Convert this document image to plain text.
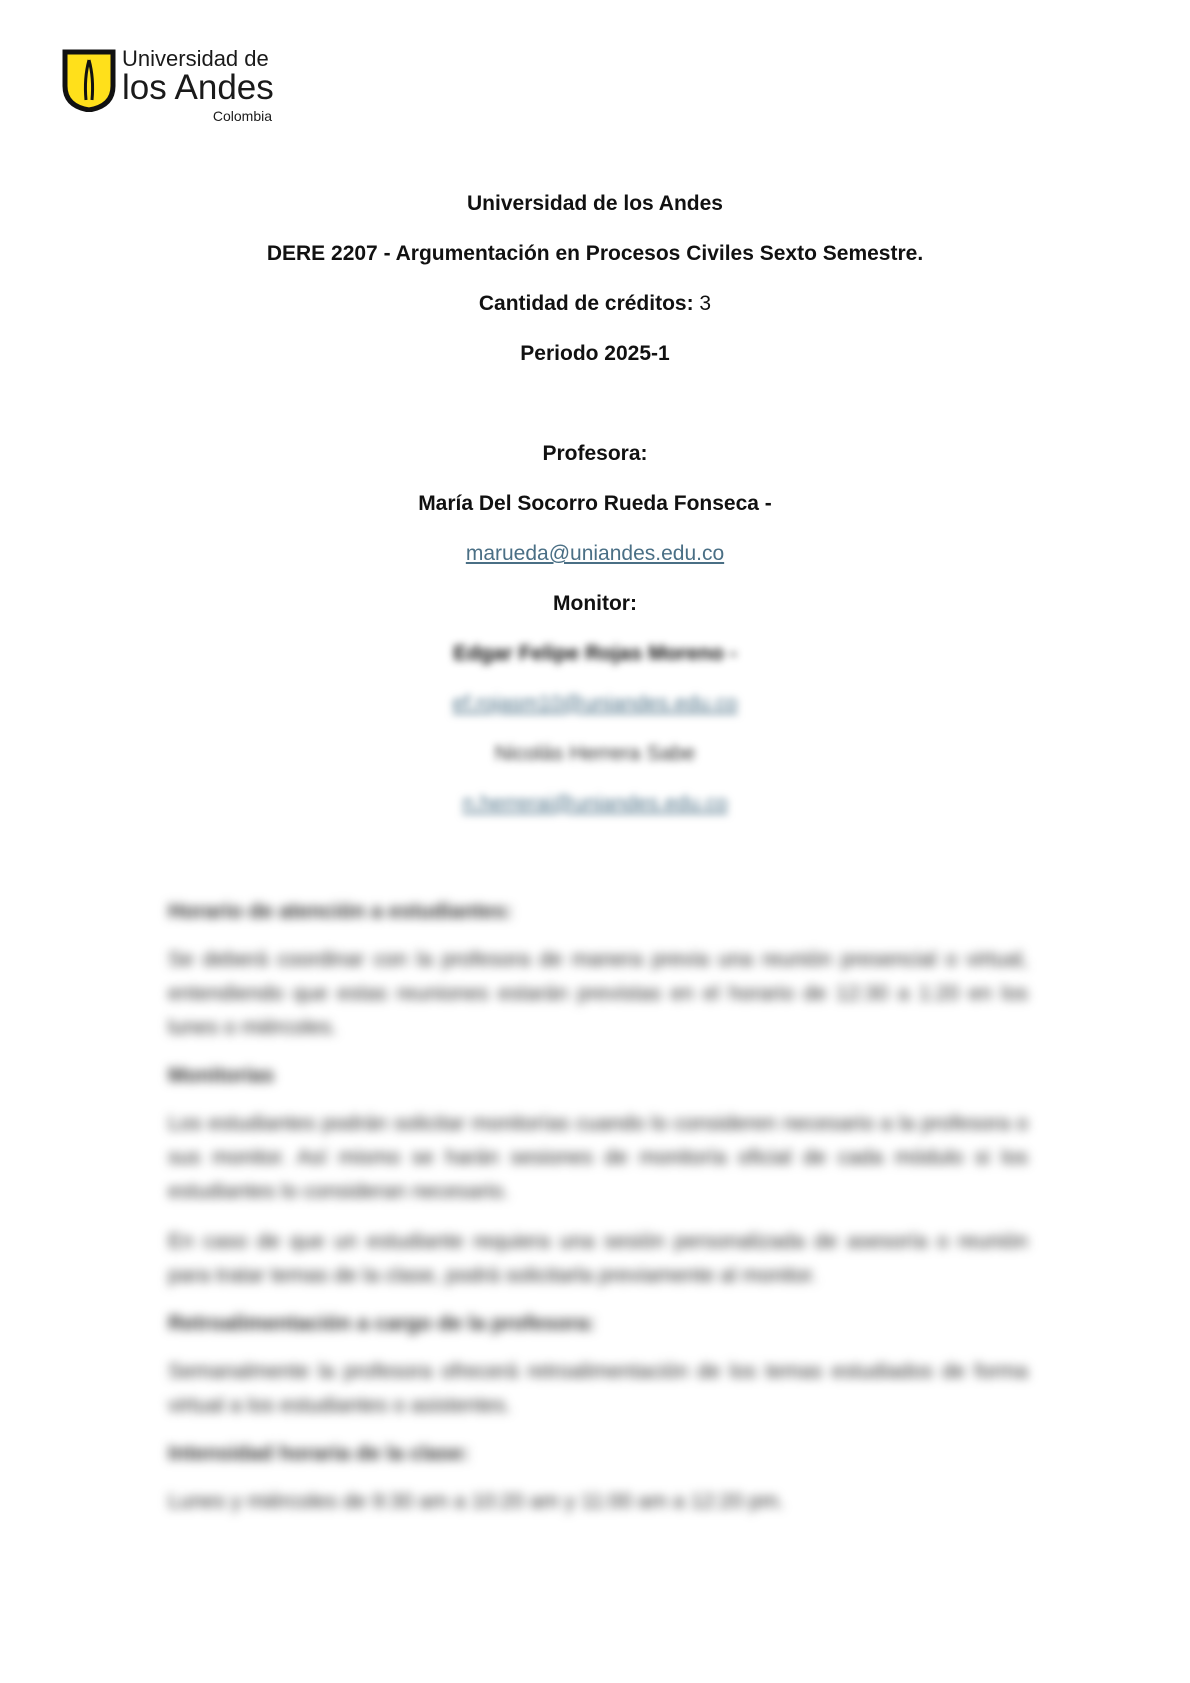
Universidad de
los Andes
Colombia
Universidad de los Andes
DERE 2207 - Argumentación en Procesos Civiles Sexto Semestre.
Cantidad de créditos: 3
Periodo 2025-1
Profesora:
María Del Socorro Rueda Fonseca -
marueda@uniandes.edu.co
Monitor:
Edgar Felipe Rojas Moreno -
ef.rojasm10@uniandes.edu.co
Nicolás Herrera Sabe
n.herrerai@uniandes.edu.co
Horario de atención a estudiantes:
Se deberá coordinar con la profesora de manera previa una reunión presencial o virtual, entendiendo que estas reuniones estarán previstas en el horario de 12:30 a 1:20 en los lunes o miércoles.
Monitorías
Los estudiantes podrán solicitar monitorías cuando lo consideren necesario a la profesora o sus monitor. Así mismo se harán sesiones de monitoría oficial de cada módulo si los estudiantes lo consideran necesario.
En caso de que un estudiante requiera una sesión personalizada de asesoría o reunión para tratar temas de la clase, podrá solicitarla previamente al monitor.
Retroalimentación a cargo de la profesora:
Semanalmente la profesora ofrecerá retroalimentación de los temas estudiados de forma virtual a los estudiantes o asistentes.
Intensidad horaria de la clase:
Lunes y miércoles de 9:30 am a 10:20 am y 11:00 am a 12:20 pm.
